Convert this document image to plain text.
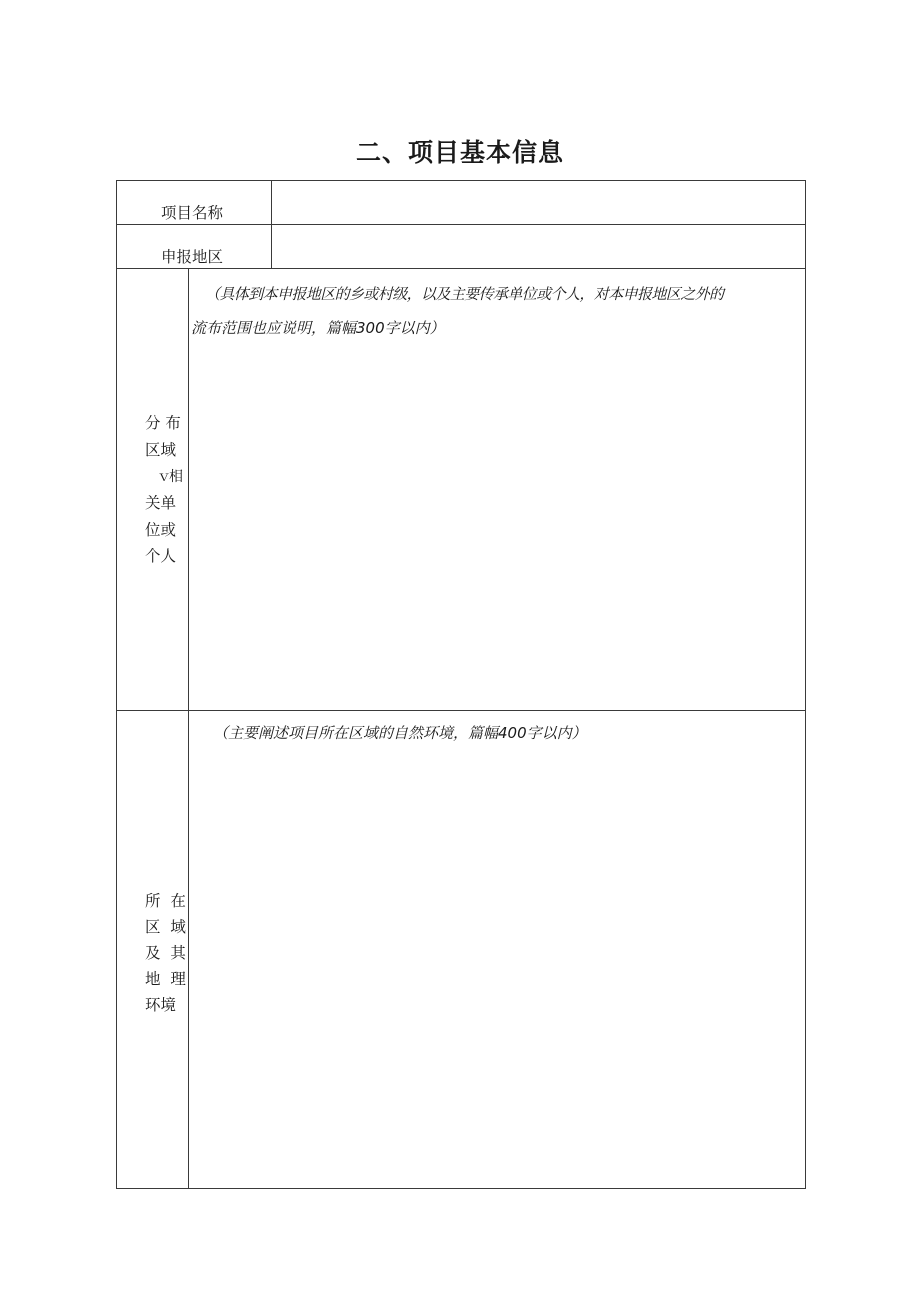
二、项目基本信息
项目名称
申报地区
分 布
区域
ｖ相
关单
位或
个人
（具体到本申报地区的乡或村级，以及主要传承单位或个人，对本申报地区之外的
流布范围也应说明，篇幅300字以内）
所  在
区  域
及  其
地  理
环境
（主要阐述项目所在区域的自然环境，篇幅400字以内）
